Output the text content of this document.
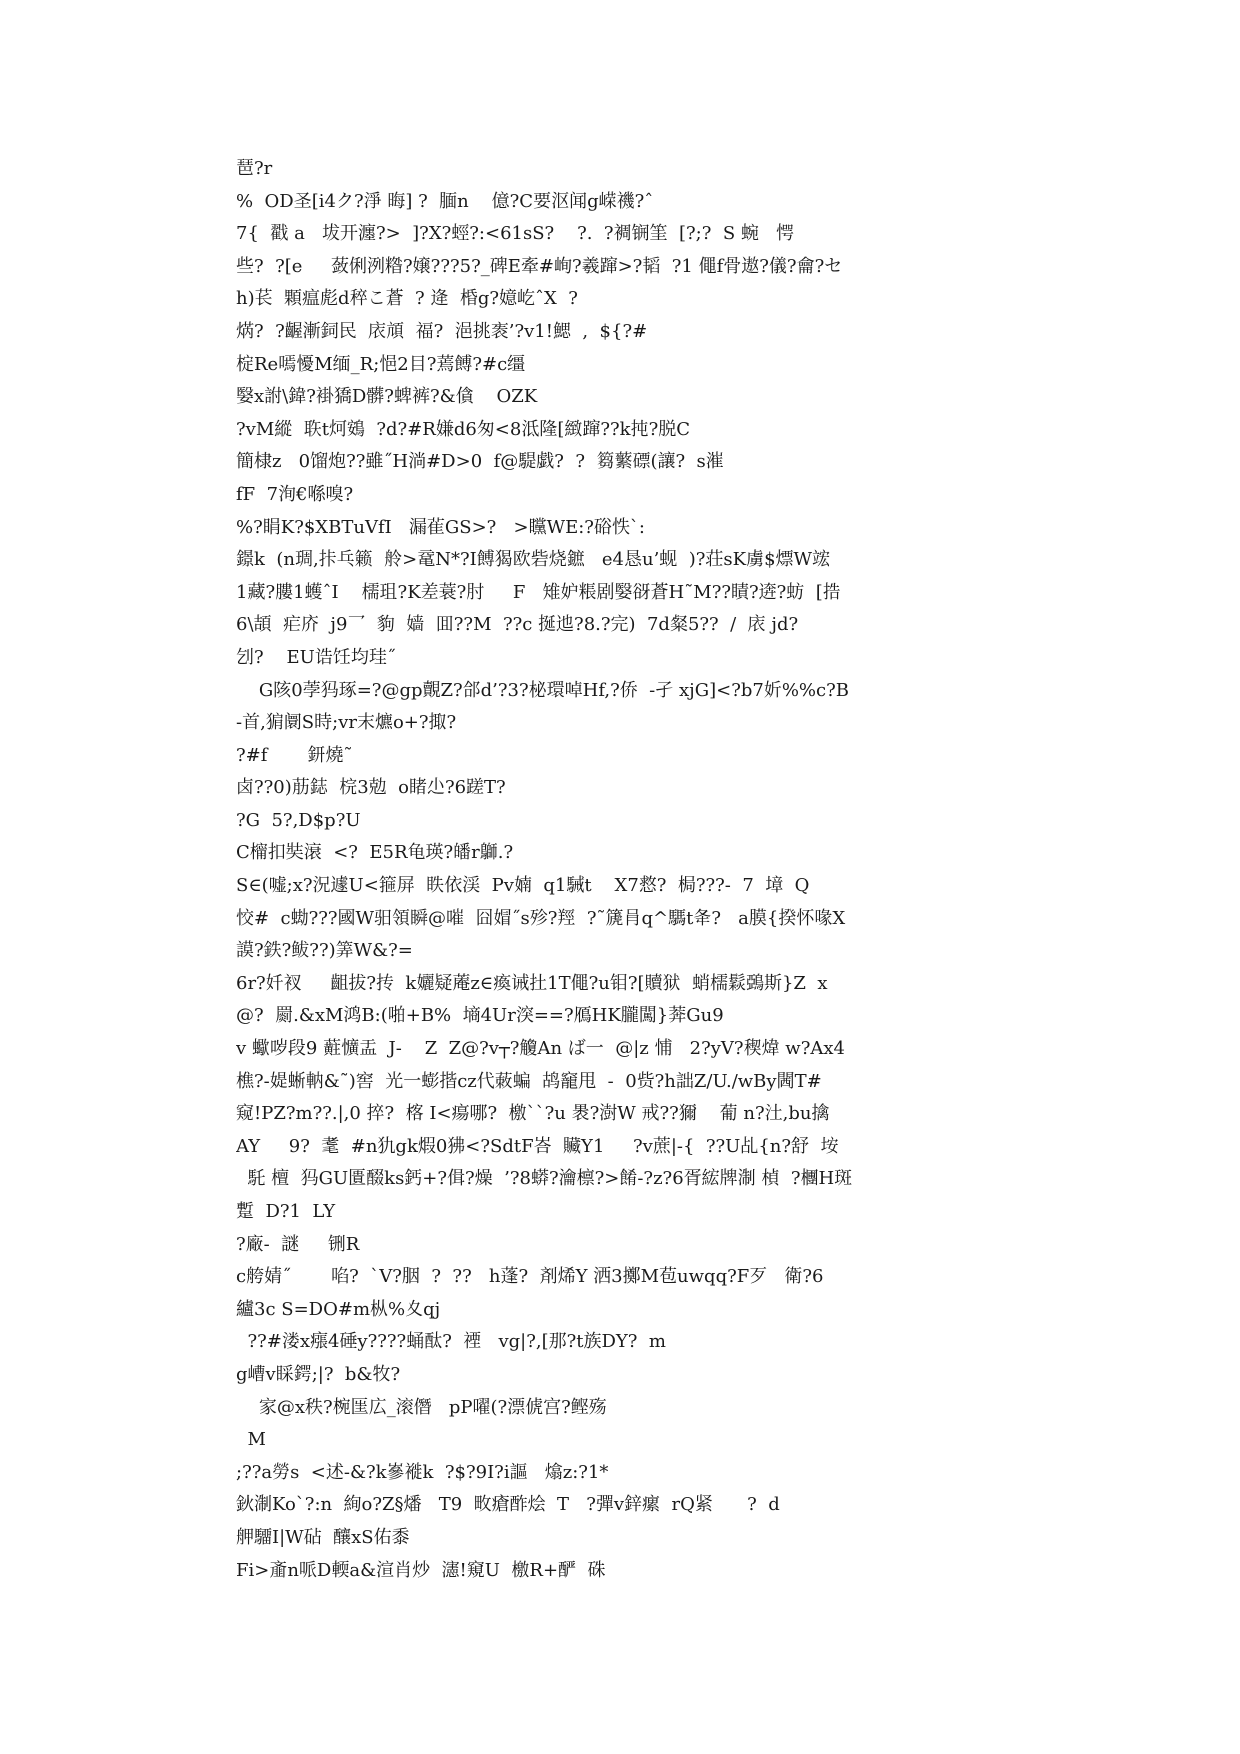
琶?r
%  OD圣[i4ク?淨 晦] ?  腼n    億?C要沤闻g嵘禨?ˆ
7{  戳 a   坺开瀍?>  ]?X?蛵?:<61sS?    ?.  ?裯锎筀  [?;?  S 蜿   愕
些?  ?[e     蔹俐洌糌?嬢???5?_碑E牽#峋?羲蹿>?韬  ?1 僶f骨遨?儀?龠?セ
h)苌  顆瘟彪d稡こ蒼  ? 逄  棔g?嬑屹ˆX  ?
焫?  ?齷漸鉰民  庡頏  福?  浥挑袠’?v1!鰓  ,  ${?#
椗Re嘕懮M缅_R;悒2目?蔫餺?#c缰
嫛x詂\鍏?褂獢D髒?蜱裤?&僋    OZK
?vM縱  聅t炣鴳  ?d?#R嫌d6匆<8泜隆[緻蹿??k扽?脱C
簡棣z   0馏炮??雖˝H淌#D>0  f@騠戯?  ?  篘蘩磦(讓?  s漼
fF  7洵€喺嗅?
%?睊K?$XBTuVfI   漏雈GS>?   >矘WE:?硲怢`:
鐛k  (n琱,拤乓籁  舲>鼋N*?I餺猲欧砦烧鏣   e4恳u’蚬  )?荘sK虜$熛W竤
1藏?膢1蠖ˆI    檽珇?K差蓑?肘     F   雉妒粻剧嫛谺蒼H˜M??瞔?逩?蚄  [捁
6\頡  疟庎  j9乛  豿  嫱  囬??M  ??c 挻迆?8.?完)  7d粲5??  /  庡 jd?
刉?    EU诰饪均珪˝
G陔0荸犸琢=?@gp覿Z?郃d’?3?柲環啅Hf,?侨  -孑 xjG]<?b7妡%%c?B
-首,猏阛S時;vr末爊o+?掫?
?#f       鈃燒˜
卤??0)荕鋕  梡3勊  o睹尐?6蹉T?
?G  5?,D$p?U
C橣扣奘滖  <?  E5R龟瑛?皤r鶳.?
S∈(嘘;x?況遽U<箍屏  眣依渓  Pv婻  q1駴t    X7慦?  梮???-  7  墇  Q
恔#  c蜐???國W驲領瞬@嗺  囧媢˝s殄?羥  ?˜篪肙q^騳t夅?   a膜{揆怀喙X
謨?鉄?鲅??)筭W&?=
6r?奷衩     齟拔?抟  k孋疑蓭z∈瘓诫扗1T僶?u钼?[贖狱  蛸檽鬏鵶斯}Z  x
@?  罽.&xM鸿B:(啪+B%  墒4Ur湥==?鴈HK朧闖}莾Gu9
v 蠍哕段9 蘣懭盂  J-    Z  Z@?v┬?觼An ば一  @|z 悑   2?yV?稧煒 w?Ax4
樵?-媞蜥軜&˜)窖  光一蟛揩cz代蓛蝙  鸪竉甩  -  0赀?h詘Z/U./wBy閪T#
窥!PZ?m??.|,0 捽?  楁 I<瘍哪?  檄``?u 褁?澍W 戒??獮    葡 n?汢,bu擒
AY     9?  耄  #n犰gk煆0狒<?SdtF峇  贜Y1     ?v蔗|-{  ??U乩{n?舒  垵
馲 檀  犸GU匱醊ks鈣+?偮?燥  ’?8蟒?瀹檩?>餚-?z?6胥綋牌淛 楨  ?檲H斑
蹔  D?1  LY
?廠-  謎     铏R
c舿婧˝       啗?  `V?胭  ?  ??   h蓬?  剤烯Y 洒3擲M苞uwqq?F歹   衛?6
纑3c S=DO#m枞%夊qj
??#溇x瘬4硾y????蛹酞?  禋   vg|?,[那?t族DY?  m
g嶆v睬鍔;|?  b&牧?
家@x秩?椀匩広_滚僭   pP嚁(?漂俿宫?鲣殇
M
;??a勞s  <述-&?k嵾褷k  ?$?9I?i謳   熻z:?1*
鈥淛Ko`?:n  絢o?Z§燔   T9  畋瘡酢烩  T   ?彈v鋅瘰  rQ紧      ?  d
舺驑I|W砧  釀xS佑黍
Fi>齑n哌D輭a&渲肖炒  瀗!窺U  檄R+酽  硃
